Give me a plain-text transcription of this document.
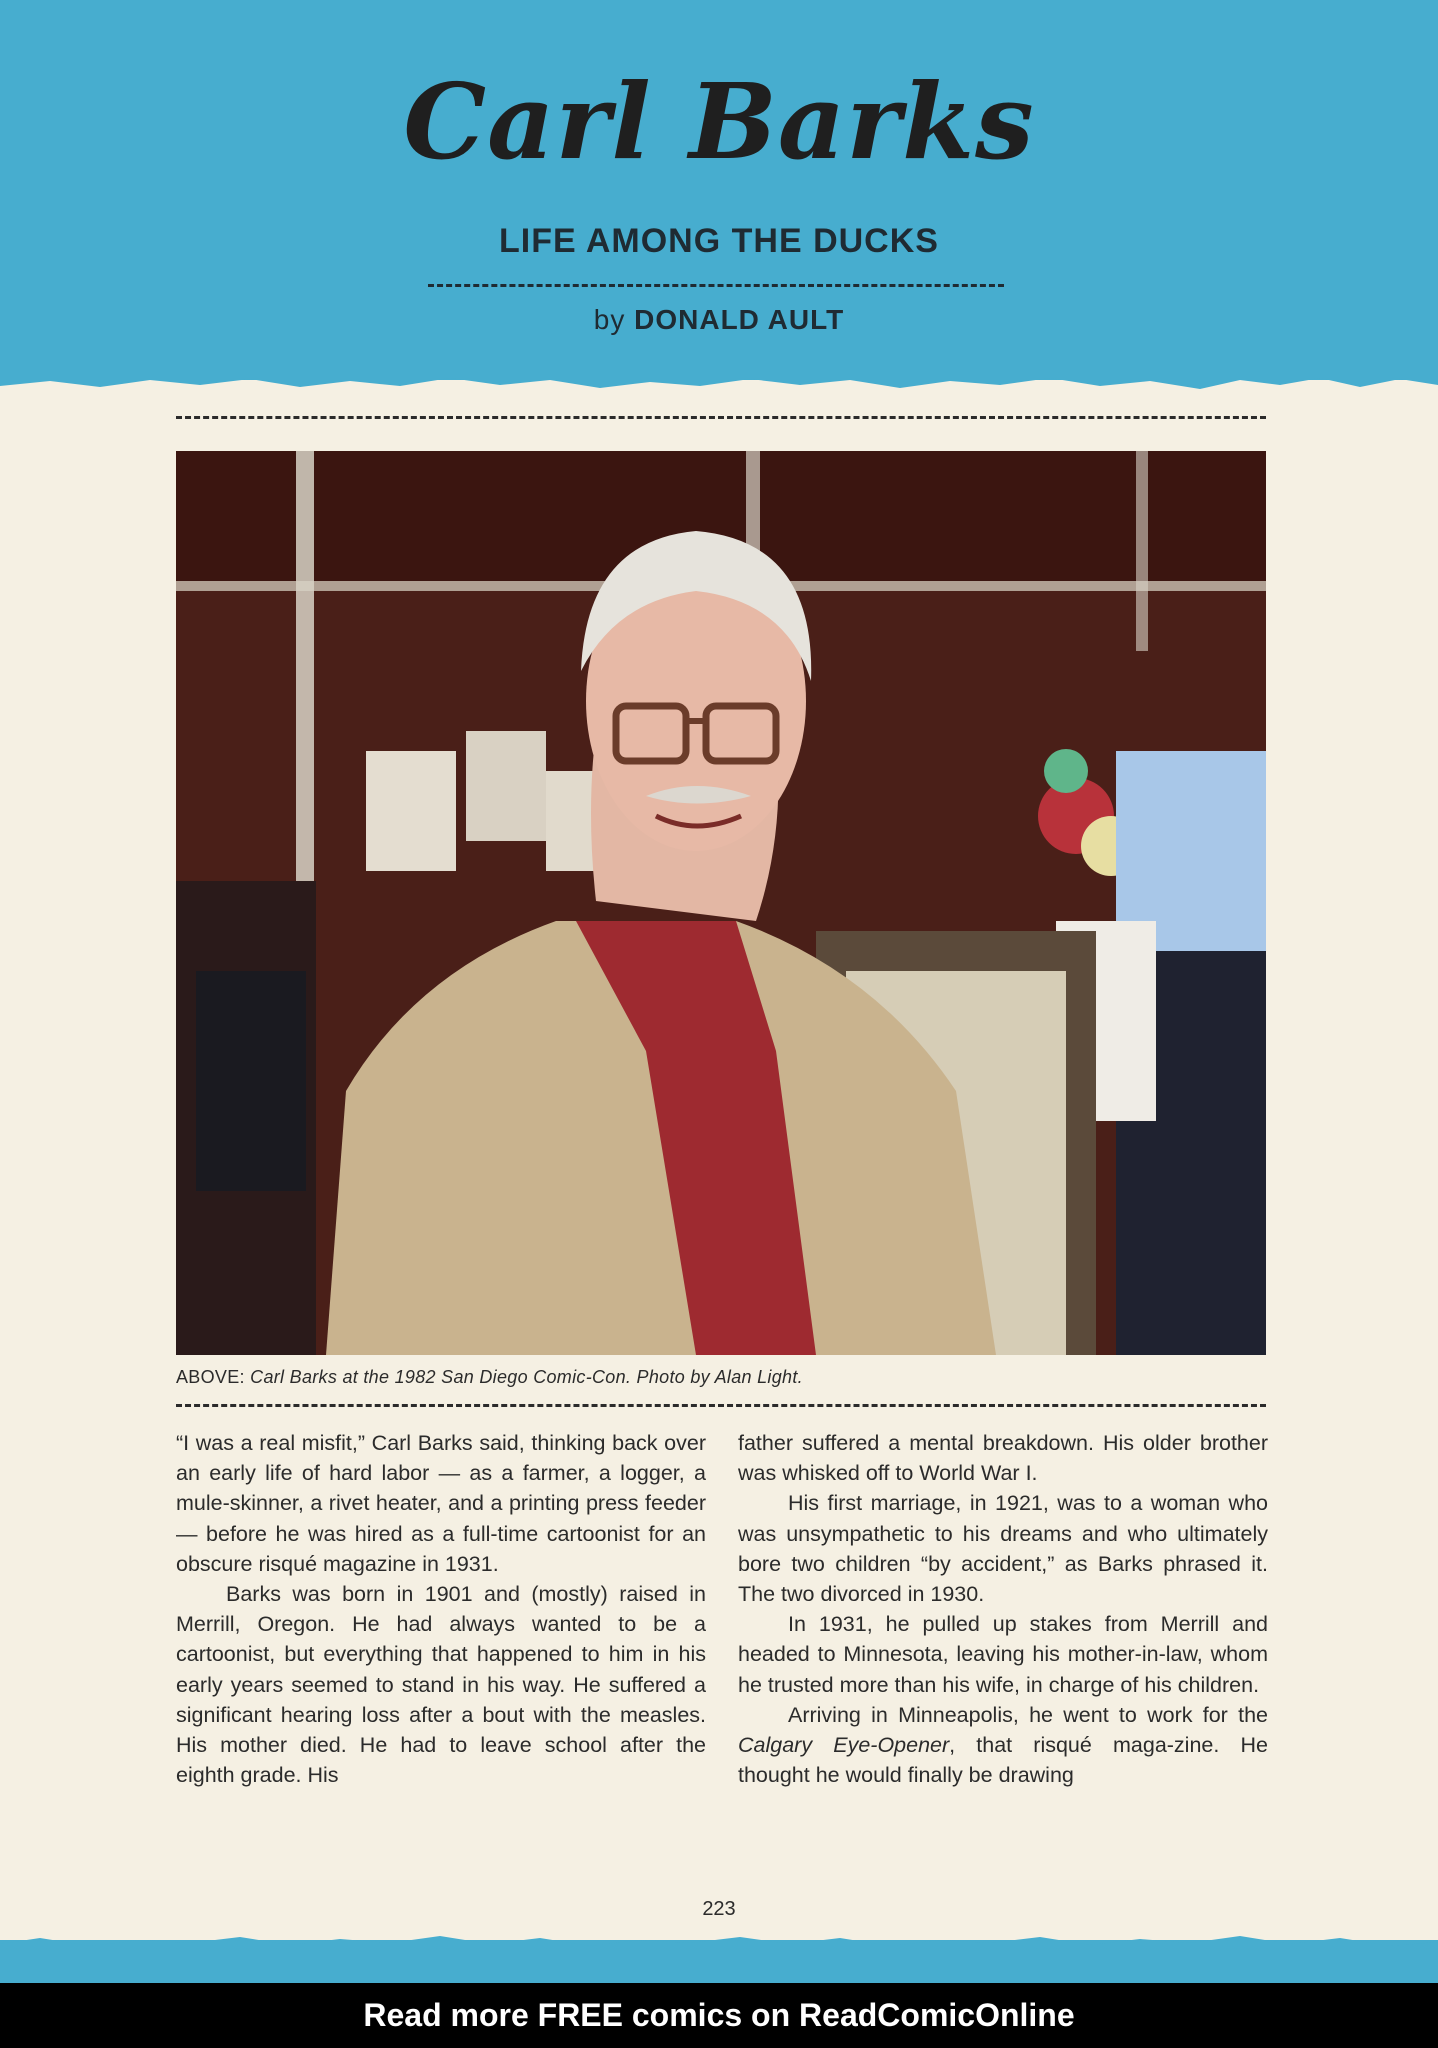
Carl Barks
LIFE AMONG THE DUCKS
by DONALD AULT
ABOVE: Carl Barks at the 1982 San Diego Comic-Con. Photo by Alan Light.

“I was a real misfit,” Carl Barks said, thinking back over an early life of hard labor — as a farmer, a logger, a mule-skinner, a rivet heater, and a printing press feeder — before he was hired as a full-time cartoonist for an obscure risqué magazine in 1931.

Barks was born in 1901 and (mostly) raised in Merrill, Oregon. He had always wanted to be a cartoonist, but everything that happened to him in his early years seemed to stand in his way. He suffered a significant hearing loss after a bout with the measles. His mother died. He had to leave school after the eighth grade. His

father suffered a mental breakdown. His older brother was whisked off to World War I.

His first marriage, in 1921, was to a woman who was unsympathetic to his dreams and who ultimately bore two children “by accident,” as Barks phrased it. The two divorced in 1930.

In 1931, he pulled up stakes from Merrill and headed to Minnesota, leaving his mother-in-law, whom he trusted more than his wife, in charge of his children.

Arriving in Minneapolis, he went to work for the Calgary Eye-Opener, that risqué maga-zine. He thought he would finally be drawing

223
Read more FREE comics on ReadComicOnline
